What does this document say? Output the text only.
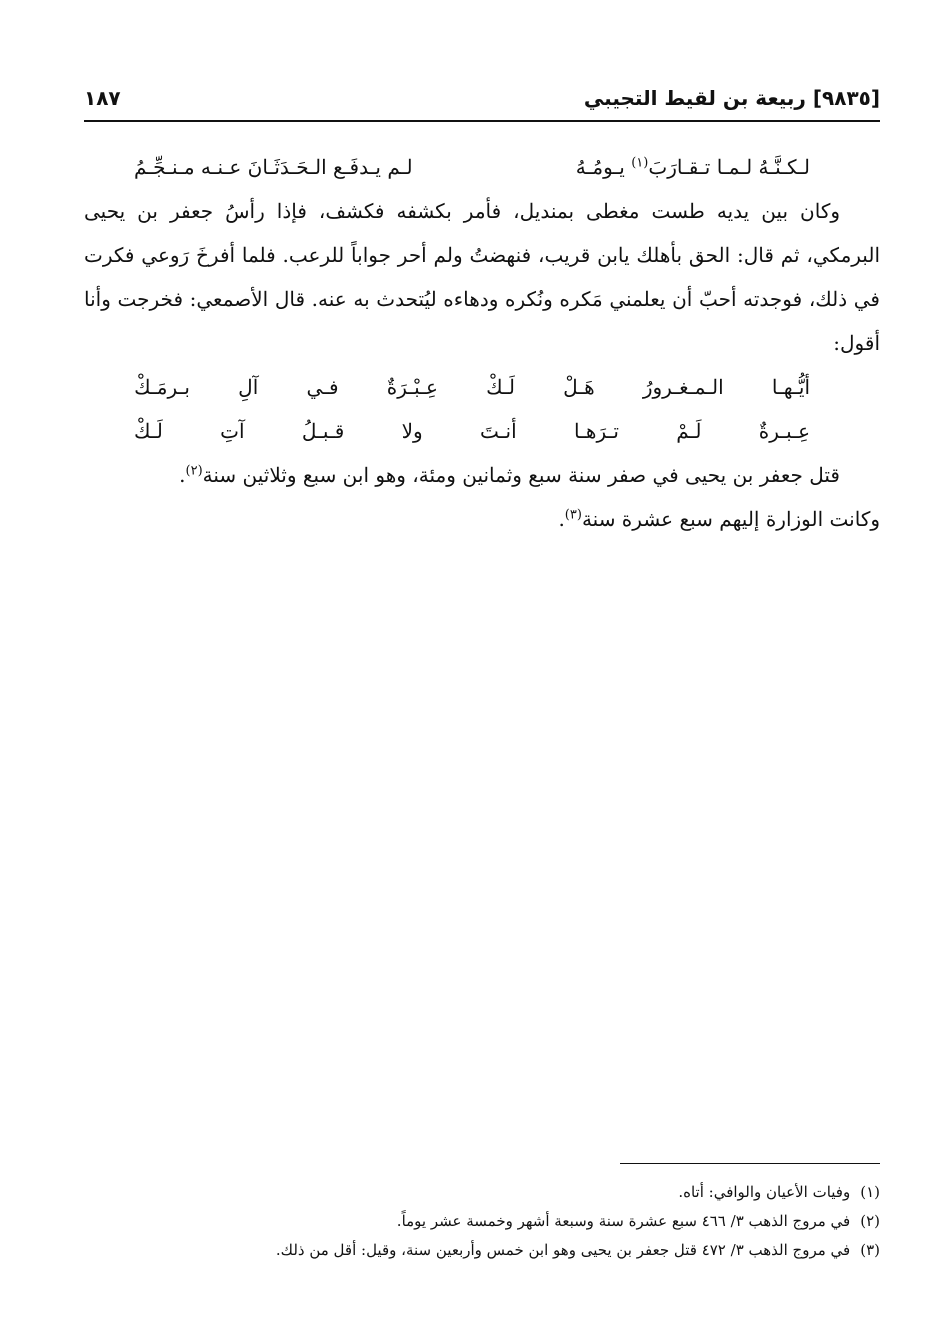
[٩٨٣٥] ربيعة بن لقيط التجيبي
١٨٧
لـكـنَّـهُ لـمـا تـقـارَبَ$^{(١)}$ يـومُـهُ
لـم يـدفَـع الـحَـدَثَـانَ عـنـه مـنـجِّـمُ
وكان بين يديه طست مغطى بمنديل، فأمر بكشفه فكشف، فإذا رأسُ جعفر بن يحيى البرمكي، ثم قال: الحق بأهلك يابن قريب، فنهضتُ ولم أحر جواباً للرعب. فلما أفرخَ رَوعي فكرت في ذلك، فوجدته أحبّ أن يعلمني مَكره ونُكره ودهاءه ليُتحدث به عنه. قال الأصمعي: فخرجت وأنا أقول:
أيُّـهـا
الـمـغـرورُ
هَـلْ
لَـكْ
عِـبْـرَةٌ
فـي
آلِ
بـرمَـكْ
عِـبـرةٌ
لَـمْ
تـرَهـا
أنـتَ
ولا
قـبـلُ
آتِ
لَـكْ
قتل جعفر بن يحيى في صفر سنة سبع وثمانين ومئة، وهو ابن سبع وثلاثين سنة$^{(٢)}$.
وكانت الوزارة إليهم سبع عشرة سنة$^{(٣)}$.
(١)وفيات الأعيان والوافي: أتاه.
(٢)في مروج الذهب ٣/ ٤٦٦ سبع عشرة سنة وسبعة أشهر وخمسة عشر يوماً.
(٣)في مروج الذهب ٣/ ٤٧٢ قتل جعفر بن يحيى وهو ابن خمس وأربعين سنة، وقيل: أقل من ذلك.
